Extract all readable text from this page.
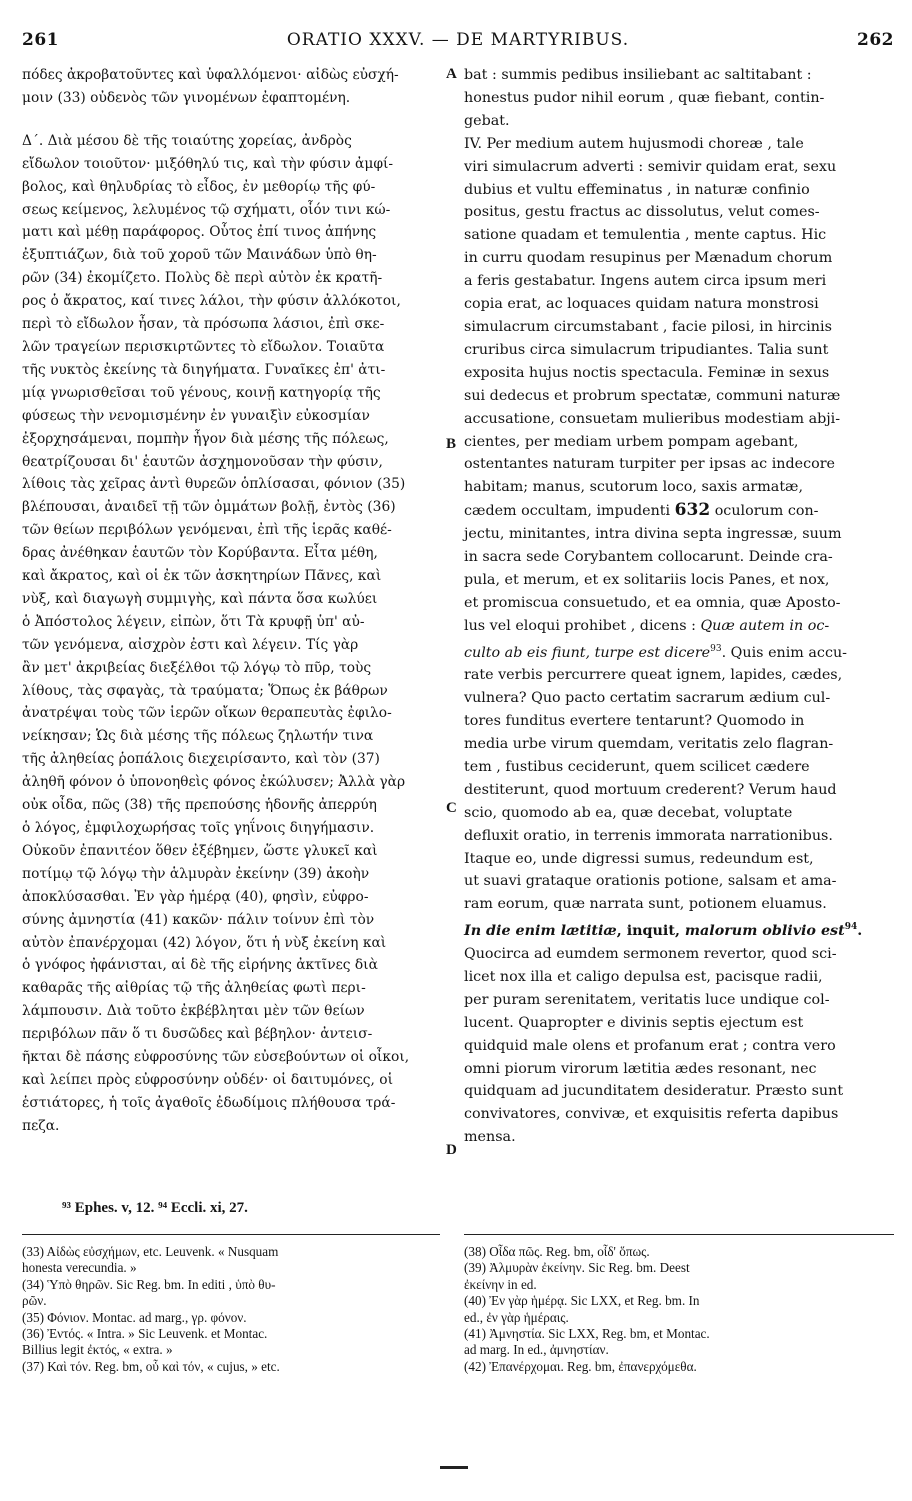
261	ORATIO XXXV. — DE MARTYRIBUS.	262
πόδες ἀκροβατοῦντες καὶ ὑφαλλόμενοι· αἰδὼς εὐσχή-
μοιν (33) οὐδενὸς τῶν γινομένων ἐφαπτομένη.
Δ΄. Διὰ μέσου δὲ τῆς τοιαύτης χορείας, ἀνδρὸς
εἴδωλον τοιοῦτον· μιξόθηλύ τις, καὶ τὴν φύσιν ἀμφί-
βολος, καὶ θηλυδρίας τὸ εἶδος, ἐν μεθορίῳ τῆς φύ-
σεως κείμενος, λελυμένος τῷ σχήματι, οἷόν τινι κώ-
ματι καὶ μέθῃ παράφορος. Οὗτος ἐπί τινος ἀπήνης
ἐξυπτιάζων, διὰ τοῦ χοροῦ τῶν Μαινάδων ὑπὸ θη-
ρῶν (34) ἐκομίζετο. Πολὺς δὲ περὶ αὐτὸν ἐκ κρατῆ-
ρος ὁ ἄκρατος, καί τινες λάλοι, τὴν φύσιν ἀλλόκοτοι,
περὶ τὸ εἴδωλον ἦσαν, τὰ πρόσωπα λάσιοι, ἐπὶ σκε-
λῶν τραγείων περισκιρτῶντες τὸ εἴδωλον. Τοιαῦτα
τῆς νυκτὸς ἐκείνης τὰ διηγήματα. Γυναῖκες ἐπ' ἀτι-
μίᾳ γνωρισθεῖσαι τοῦ γένους, κοινῇ κατηγορίᾳ τῆς
φύσεως τὴν νενομισμένην ἐν γυναιξὶν εὐκοσμίαν
ἐξορχησάμεναι, πομπὴν ἦγον διὰ μέσης τῆς πόλεως,
θεατρίζουσαι δι' ἑαυτῶν ἀσχημονοῦσαν τὴν φύσιν,
λίθοις τὰς χεῖρας ἀντὶ θυρεῶν ὁπλίσασαι, φόνιον (35)
βλέπουσαι, ἀναιδεῖ τῇ τῶν ὀμμάτων βολῇ, ἐντὸς (36)
τῶν θείων περιβόλων γενόμεναι, ἐπὶ τῆς ἱερᾶς καθέ-
δρας ἀνέθηκαν ἑαυτῶν τὸν Κορύβαντα. Εἶτα μέθη,
καὶ ἄκρατος, καὶ οἱ ἐκ τῶν ἀσκητηρίων Πᾶνες, καὶ
νὺξ, καὶ διαγωγὴ συμμιγὴς, καὶ πάντα ὅσα κωλύει
ὁ Ἀπόστολος λέγειν, εἰπὼν, ὅτι Τὰ κρυφῇ ὑπ' αὐ-
τῶν γενόμενα, αἰσχρὸν ἐστι καὶ λέγειν. Τίς γὰρ
ἂν μετ' ἀκριβείας διεξέλθοι τῷ λόγῳ τὸ πῦρ, τοὺς
λίθους, τὰς σφαγὰς, τὰ τραύματα; Ὅπως ἐκ βάθρων
ἀνατρέψαι τοὺς τῶν ἱερῶν οἴκων θεραπευτὰς ἐφιλο-
νείκησαν; Ὡς διὰ μέσης τῆς πόλεως ζηλωτήν τινα
τῆς ἀληθείας ῥοπάλοις διεχειρίσαντο, καὶ τὸν (37)
ἀληθῆ φόνον ὁ ὑπονοηθεὶς φόνος ἐκώλυσεν; Ἀλλὰ γὰρ
οὐκ οἶδα, πῶς (38) τῆς πρεπούσης ἡδονῆς ἀπερρύη
ὁ λόγος, ἐμφιλοχωρήσας τοῖς γηΐνοις διηγήμασιν.
Οὐκοῦν ἐπανιτέον ὅθεν ἐξέβημεν, ὥστε γλυκεῖ καὶ
ποτίμῳ τῷ λόγῳ τὴν ἁλμυρὰν ἐκείνην (39) ἀκοὴν
ἀποκλύσασθαι. Ἐν γὰρ ἡμέρᾳ (40), φησὶν, εὐφρο-
σύνης ἀμνηστία (41) κακῶν· πάλιν τοίνυν ἐπὶ τὸν
αὐτὸν ἐπανέρχομαι (42) λόγον, ὅτι ἡ νὺξ ἐκείνη καὶ
ὁ γνόφος ἠφάνισται, αἱ δὲ τῆς εἰρήνης ἀκτῖνες διὰ
καθαρᾶς τῆς αἰθρίας τῷ τῆς ἀληθείας φωτὶ περι-
λάμπουσιν. Διὰ τοῦτο ἐκβέβληται μὲν τῶν θείων
περιβόλων πᾶν ὅ τι δυσῶδες καὶ βέβηλον· ἀντεισ-
ῆκται δὲ πάσης εὐφροσύνης τῶν εὐσεβούντων οἱ οἶκοι,
καὶ λείπει πρὸς εὐφροσύνην οὐδέν· οἱ δαιτυμόνες, οἱ
ἑστιάτορες, ἡ τοῖς ἀγαθοῖς ἐδωδίμοις πλήθουσα τρά-
πεζα.
bat : summis pedibus insiliebant ac saltitabant :
honestus pudor nihil eorum , quæ fiebant, contin-
gebat.
IV. Per medium autem hujusmodi choreæ , tale
viri simulacrum adverti : semivir quidam erat, sexu
dubius et vultu effeminatus , in naturæ confinio
positus, gestu fractus ac dissolutus, velut comes-
satione quadam et temulentia , mente captus. Hic
in curru quodam resupinus per Mænadum chorum
a feris gestabatur. Ingens autem circa ipsum meri
copia erat, ac loquaces quidam natura monstrosi
simulacrum circumstabant , facie pilosi, in hircinis
cruribus circa simulacrum tripudiantes. Talia sunt
exposita hujus noctis spectacula. Feminæ in sexus
sui dedecus et probrum spectatæ, communi naturæ
accusatione, consuetam mulieribus modestiam abji-
cientes, per mediam urbem pompam agebant,
ostentantes naturam turpiter per ipsas ac indecore
habitam; manus, scutorum loco, saxis armatæ,
cædem occultam, impudenti 632 oculorum con-
jectu, minitantes, intra divina septa ingressæ, suum
in sacra sede Corybantem collocarunt. Deinde cra-
pula, et merum, et ex solitariis locis Panes, et nox,
et promiscua consuetudo, et ea omnia, quæ Aposto-
lus vel eloqui prohibet , dicens : Quæ autem in oc-
culto ab eis fiunt, turpe est dicere$^{93}$. Quis enim accu-
rate verbis percurrere queat ignem, lapides, cædes,
vulnera? Quo pacto certatim sacrarum ædium cul-
tores funditus evertere tentarunt? Quomodo in
media urbe virum quemdam, veritatis zelo flagran-
tem , fustibus ceciderunt, quem scilicet cædere
destiterunt, quod mortuum crederent? Verum haud
scio, quomodo ab ea, quæ decebat, voluptate
defluxit oratio, in terrenis immorata narrationibus.
Itaque eo, unde digressi sumus, redeundum est,
ut suavi grataque orationis potione, salsam et ama-
ram eorum, quæ narrata sunt, potionem eluamus.
In die enim lætitiæ, inquit, malorum oblivio est$^{94}$.
Quocirca ad eumdem sermonem revertor, quod sci-
licet nox illa et caligo depulsa est, pacisque radii,
per puram serenitatem, veritatis luce undique col-
lucent. Quapropter e divinis septis ejectum est
quidquid male olens et profanum erat ; contra vero
omni piorum virorum lætitia ædes resonant, nec
quidquam ad jucunditatem desideratur. Præsto sunt
convivatores, convivæ, et exquisitis referta dapibus
mensa.
A
B
C
D
⁹³ Ephes. v, 12. ⁹⁴ Eccli. xi, 27.
(33) Αἰδὼς εὐσχήμων, etc. Leuvenk. « Nusquam
honesta verecundia. »
(34) Ὑπὸ θηρῶν. Sic Reg. bm. In editi , ὑπὸ θυ-
ρῶν.
(35) Φόνιον. Montac. ad marg., γρ. φόνον.
(36) Ἐντός. « Intra. » Sic Leuvenk. et Montac.
Billius legit ἐκτός, « extra. »
(37) Καὶ τόν. Reg. bm, οὗ καὶ τόν, « cujus, » etc.
(38) Οἶδα πῶς. Reg. bm, οἶδ' ὅπως.
(39) Ἀλμυρὰν ἐκείνην. Sic Reg. bm. Deest
ἐκείνην in ed.
(40) Ἐν γὰρ ἡμέρᾳ. Sic LXX, et Reg. bm. In
ed., ἐν γὰρ ἡμέραις.
(41) Ἀμνηστία. Sic LXX, Reg. bm, et Montac.
ad marg. In ed., ἀμνηστίαν.
(42) Ἐπανέρχομαι. Reg. bm, ἐπανερχόμεθα.
